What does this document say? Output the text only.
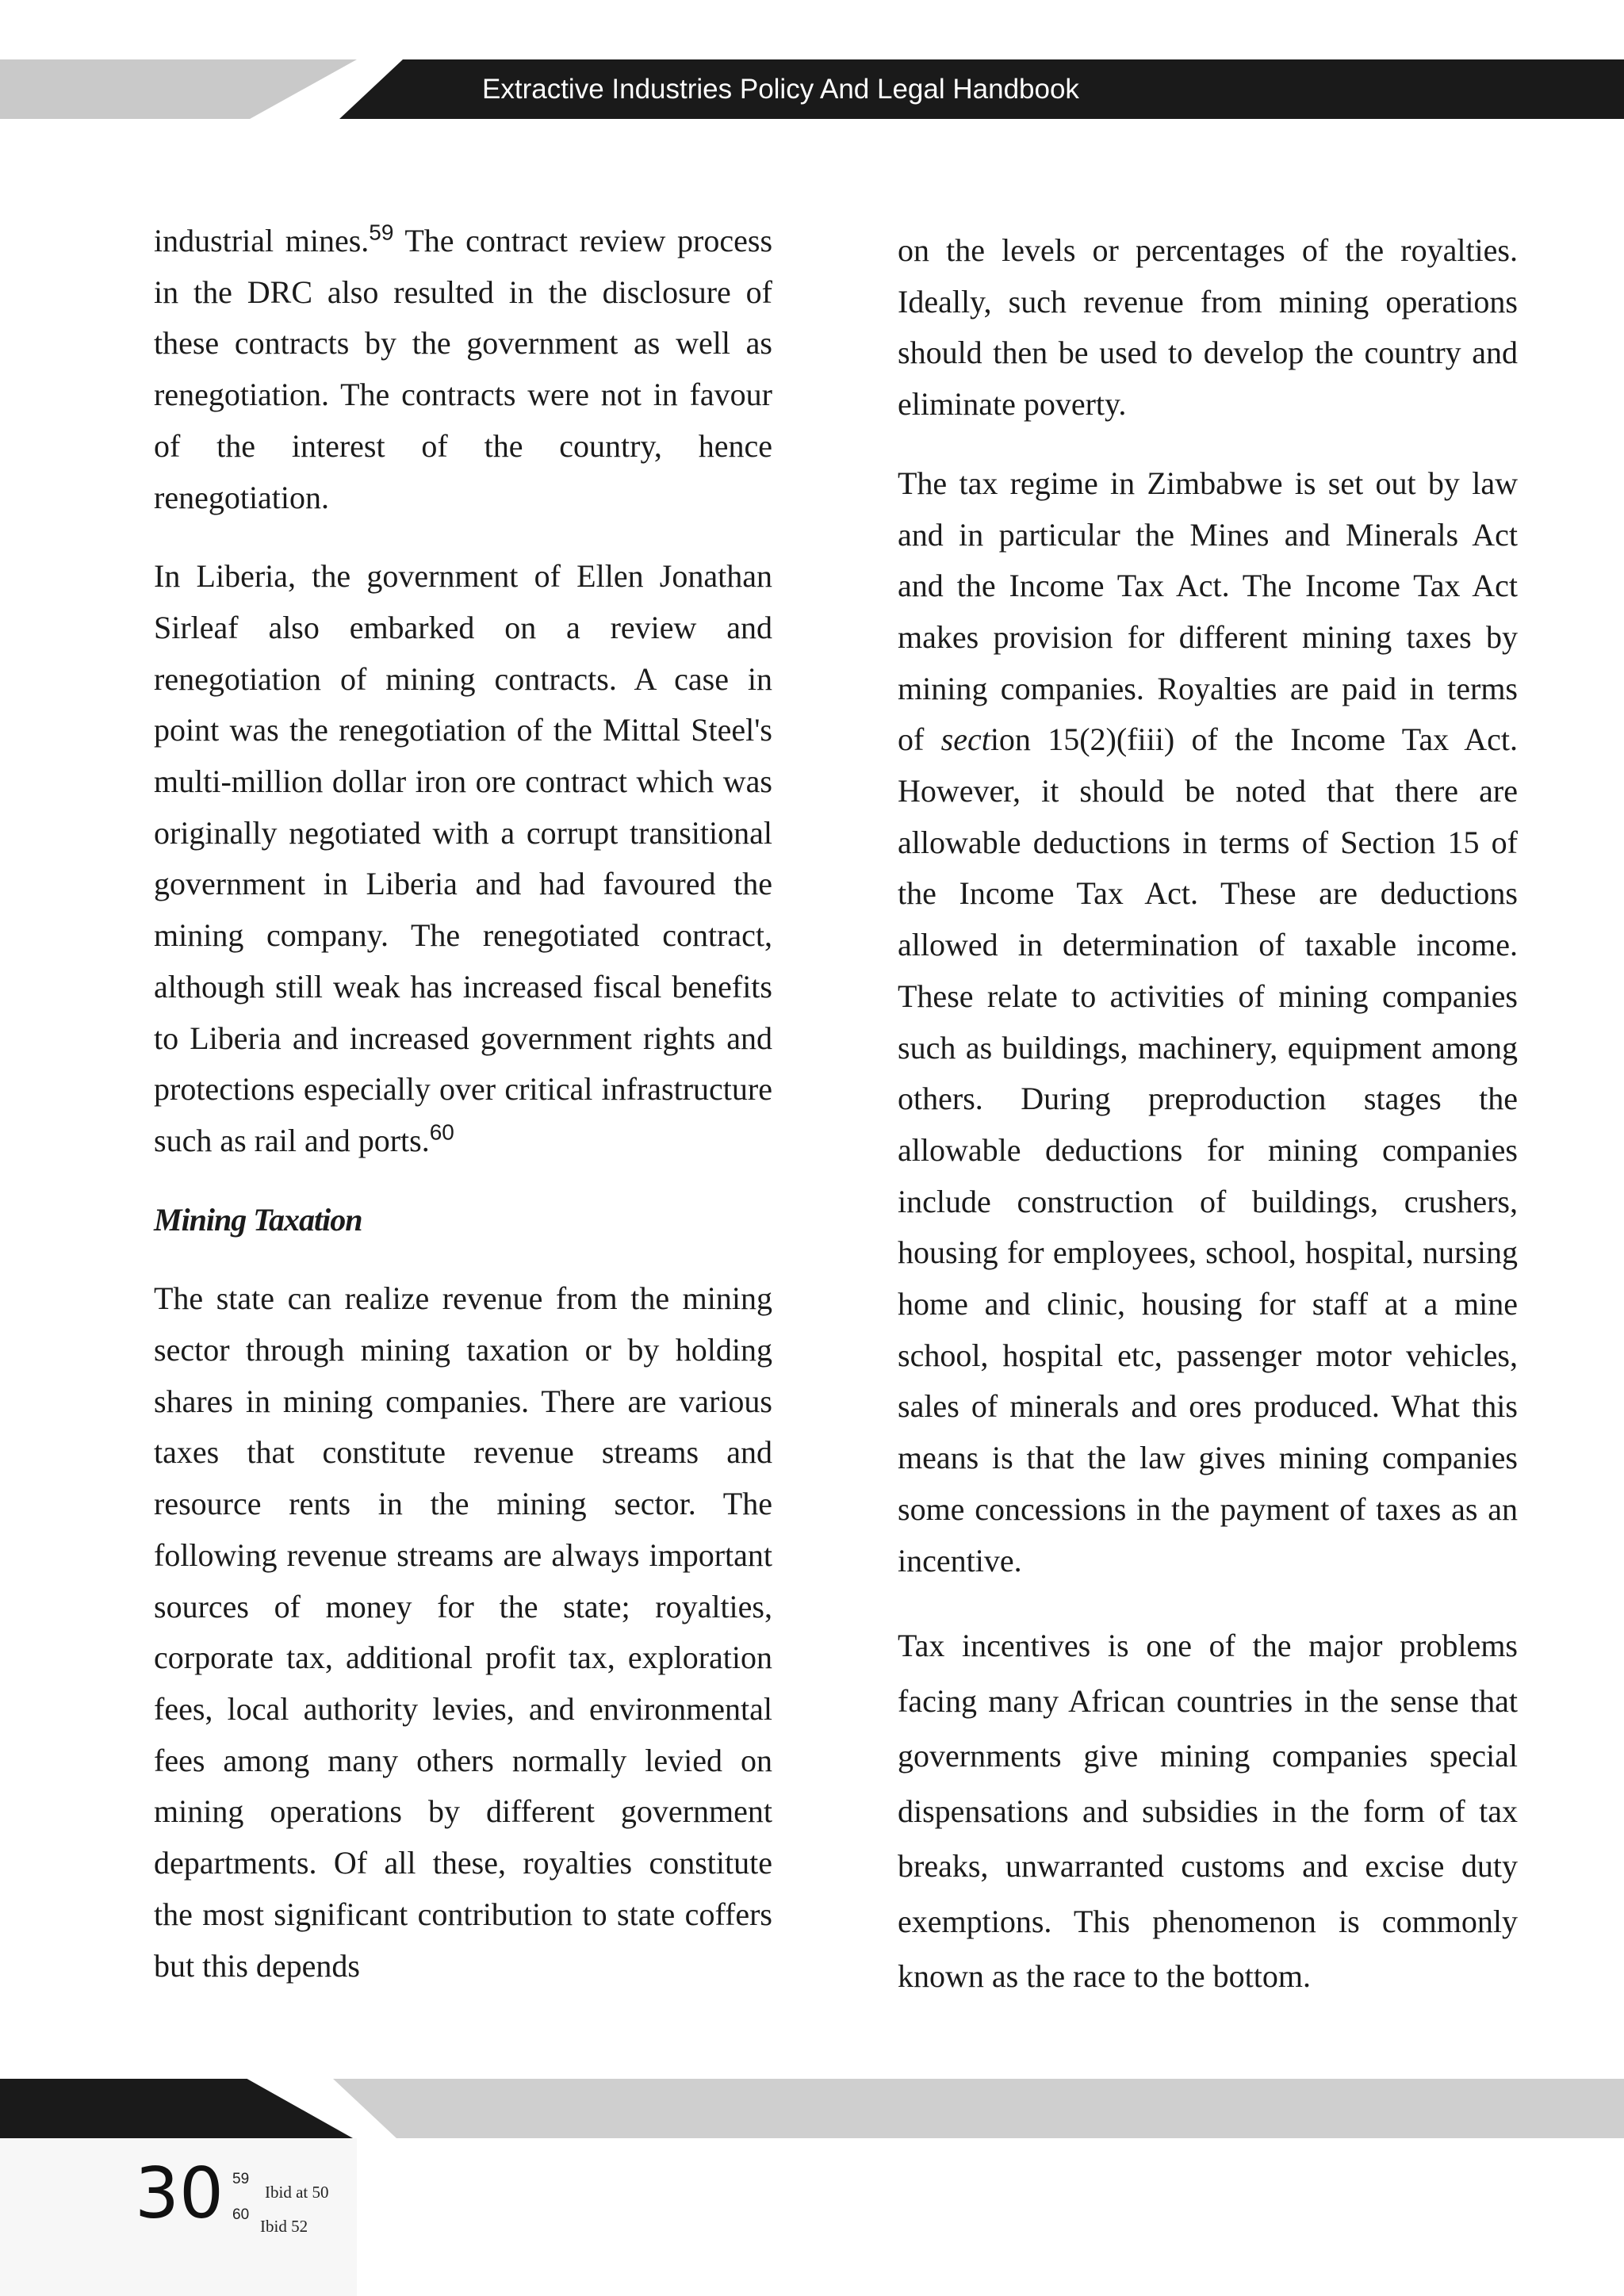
Extractive Industries Policy And Legal Handbook

industrial mines.$^{59}$ The contract review process in the DRC also resulted in the disclosure of these contracts by the government as well as renegotiation. The contracts were not in favour of the interest of the country, hence renegotiation.

In Liberia, the government of Ellen Jonathan Sirleaf also embarked on a review and renegotiation of mining contracts. A case in point was the renegotiation of the Mittal Steel's multi-million dollar iron ore contract which was originally negotiated with a corrupt transitional government in Liberia and had favoured the mining company. The renegotiated contract, although still weak has increased fiscal benefits to Liberia and increased government rights and protections especially over critical infrastructure such as rail and ports.$^{60}$

Mining Taxation

The state can realize revenue from the mining sector through mining taxation or by holding shares in mining companies. There are various taxes that constitute revenue streams and resource rents in the mining sector. The following revenue streams are always important sources of money for the state; royalties, corporate tax, additional profit tax, exploration fees, local authority levies, and environmental fees among many others normally levied on mining operations by different government departments. Of all these, royalties constitute the most significant contribution to state coffers but this depends

on the levels or percentages of the royalties. Ideally, such revenue from mining operations should then be used to develop the country and eliminate poverty.

The tax regime in Zimbabwe is set out by law and in particular the Mines and Minerals Act and the Income Tax Act. The Income Tax Act makes provision for different mining taxes by mining companies. Royalties are paid in terms of section 15(2)(fiii) of the Income Tax Act. However, it should be noted that there are allowable deductions in terms of Section 15 of the Income Tax Act. These are deductions allowed in determination of taxable income. These relate to activities of mining companies such as buildings, machinery, equipment among others. During preproduction stages the allowable deductions for mining companies include construction of buildings, crushers, housing for employees, school, hospital, nursing home and clinic, housing for staff at a mine school, hospital etc, passenger motor vehicles, sales of minerals and ores produced. What this means is that the law gives mining companies some concessions in the payment of taxes as an incentive.

Tax incentives is one of the major problems facing many African countries in the sense that governments give mining companies special dispensations and subsidies in the form of tax breaks, unwarranted customs and excise duty exemptions. This phenomenon is commonly known as the race to the bottom.

30 59
Ibid at 50
60
Ibid 52
